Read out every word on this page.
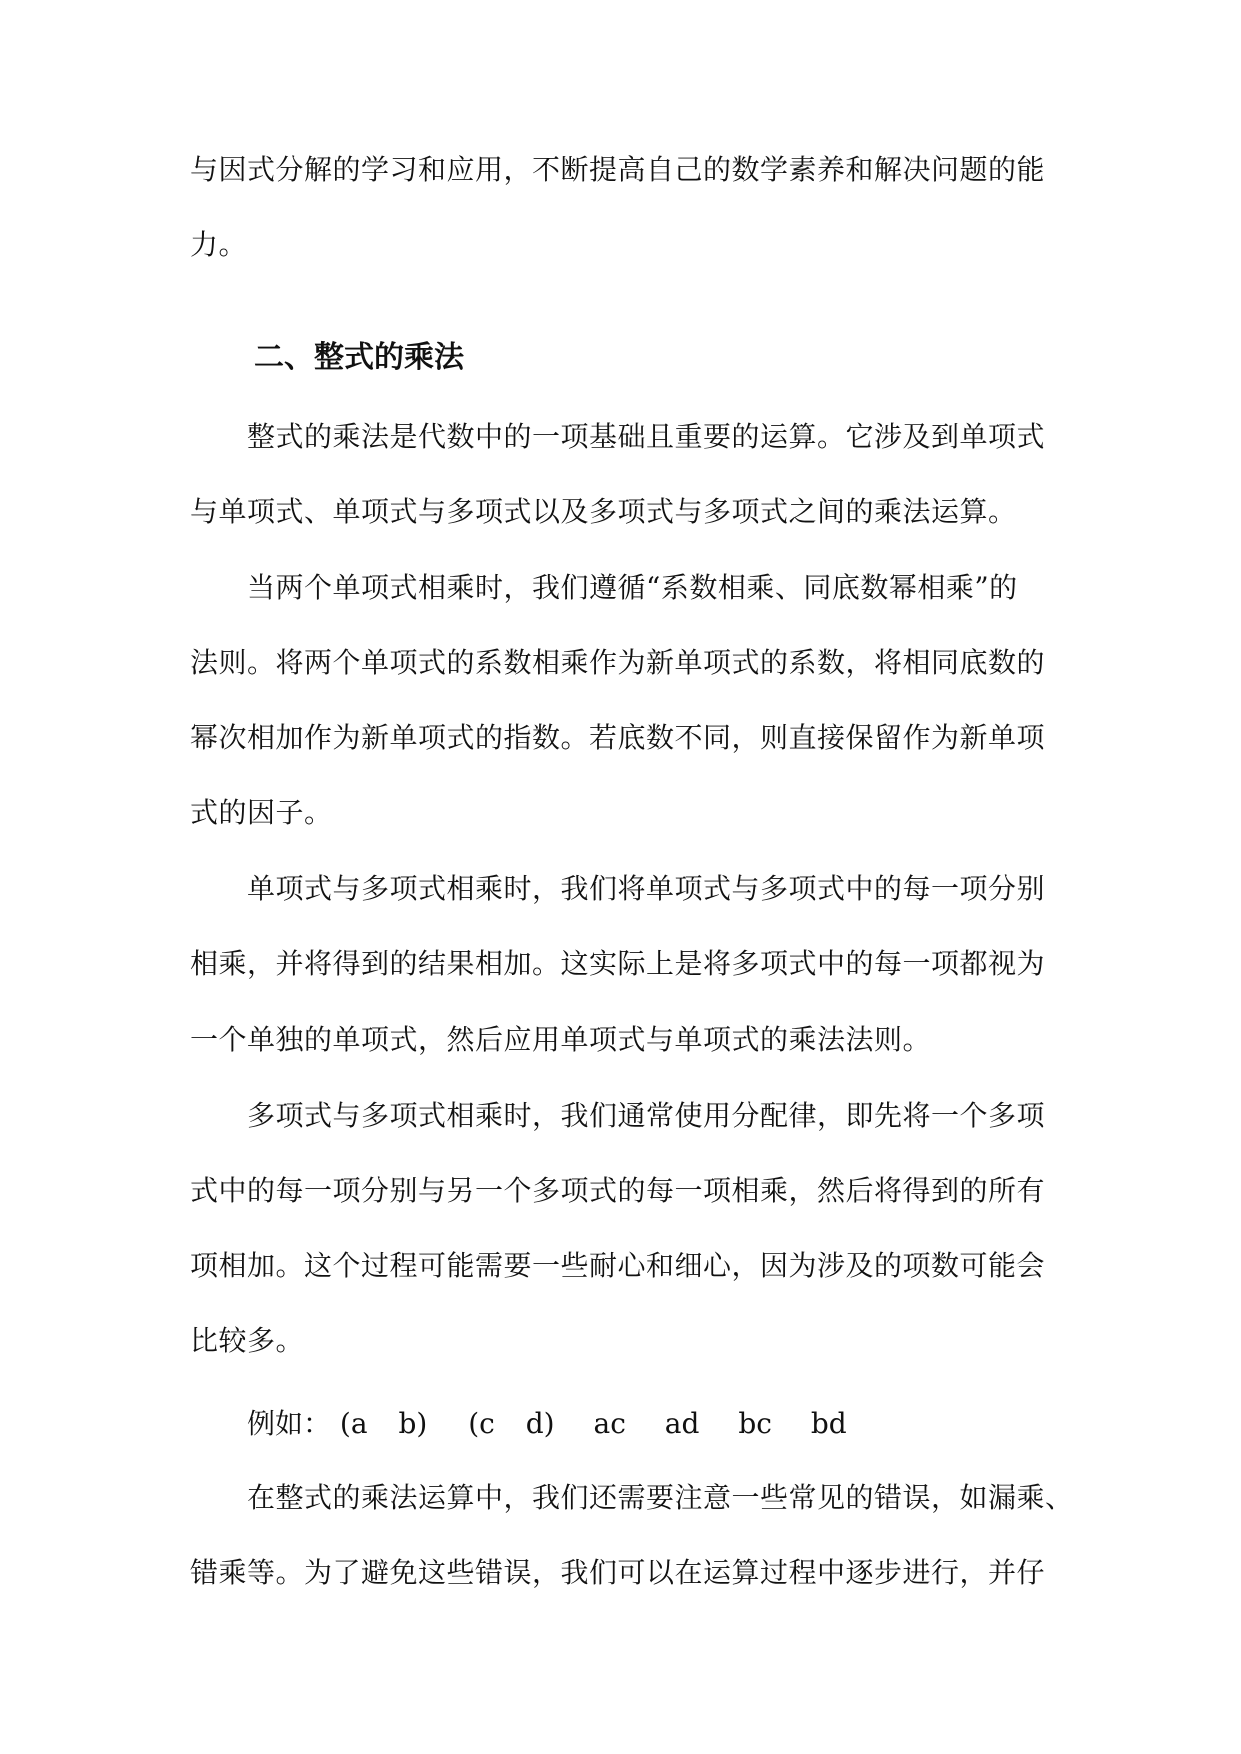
与因式分解的学习和应用，不断提高自己的数学素养和解决问题的能
力。
二、整式的乘法
整式的乘法是代数中的一项基础且重要的运算。它涉及到单项式
与单项式、单项式与多项式以及多项式与多项式之间的乘法运算。
当两个单项式相乘时，我们遵循“系数相乘、同底数幂相乘”的
法则。将两个单项式的系数相乘作为新单项式的系数，将相同底数的
幂次相加作为新单项式的指数。若底数不同，则直接保留作为新单项
式的因子。
单项式与多项式相乘时，我们将单项式与多项式中的每一项分别
相乘，并将得到的结果相加。这实际上是将多项式中的每一项都视为
一个单独的单项式，然后应用单项式与单项式的乘法法则。
多项式与多项式相乘时，我们通常使用分配律，即先将一个多项
式中的每一项分别与另一个多项式的每一项相乘，然后将得到的所有
项相加。这个过程可能需要一些耐心和细心，因为涉及的项数可能会
比较多。
例如： (a b) (c d) ac ad bc bd
在整式的乘法运算中，我们还需要注意一些常见的错误，如漏乘、
错乘等。为了避免这些错误，我们可以在运算过程中逐步进行，并仔
